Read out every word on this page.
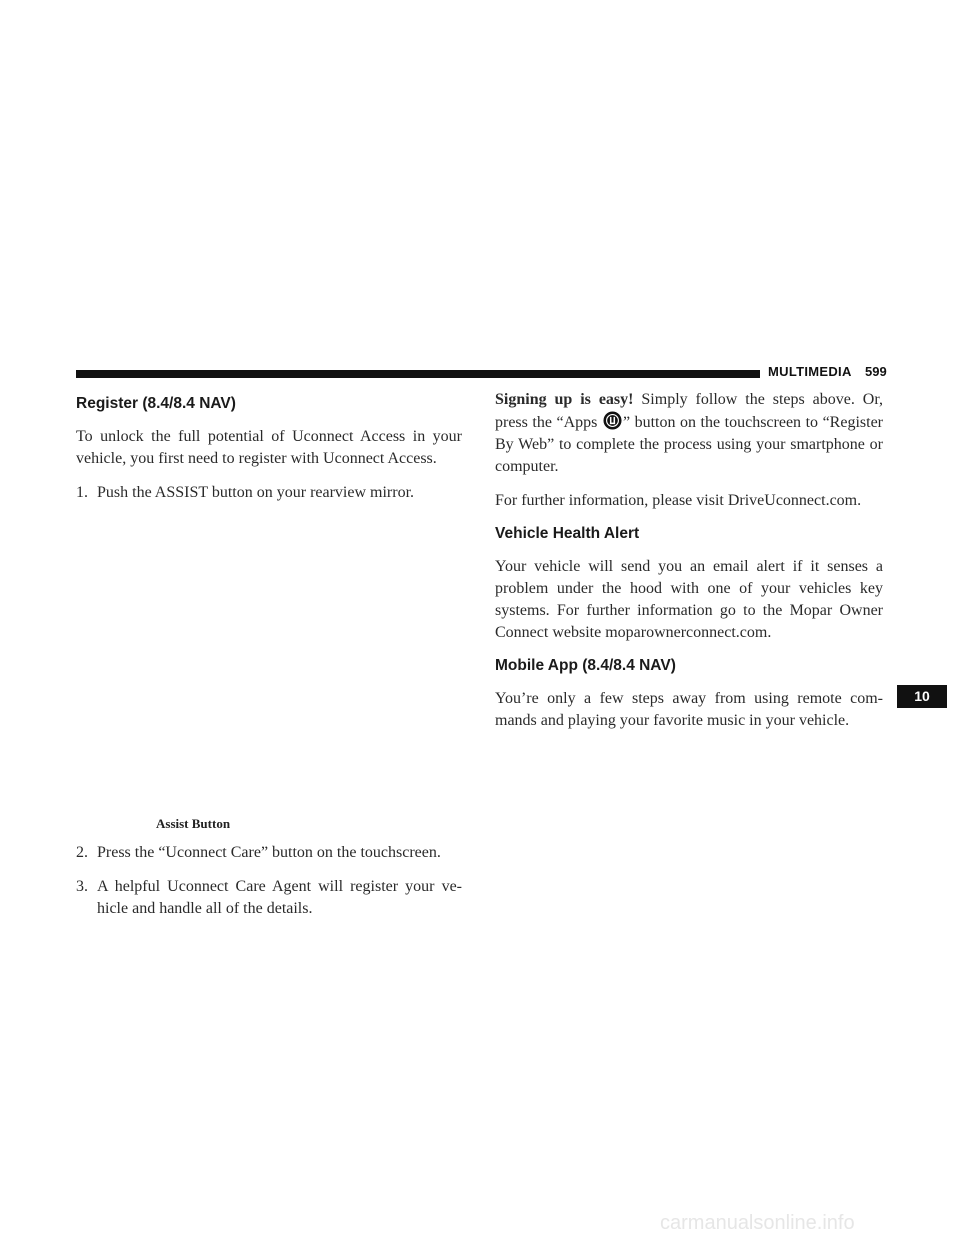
MULTIMEDIA 599
Register (8.4/8.4 NAV)

To unlock the full potential of Uconnect Access in your vehicle, you first need to register with Uconnect Access.

1. Push the ASSIST button on your rearview mirror.
Assist Button
2. Press the “Uconnect Care” button on the touchscreen.
3. A helpful Uconnect Care Agent will register your ve- hicle and handle all of the details.

Signing up is easy! Simply follow the steps above. Or, press the “Apps ” button on the touchscreen to “Register By Web” to complete the process using your smartphone or computer.

For further information, please visit DriveUconnect.com.

Vehicle Health Alert

Your vehicle will send you an email alert if it senses a problem under the hood with one of your vehicles key systems. For further information go to the Mopar Owner Connect website moparownerconnect.com.

Mobile App (8.4/8.4 NAV)

You’re only a few steps away from using remote com- mands and playing your favorite music in your vehicle.

10
carmanualsonline.info
